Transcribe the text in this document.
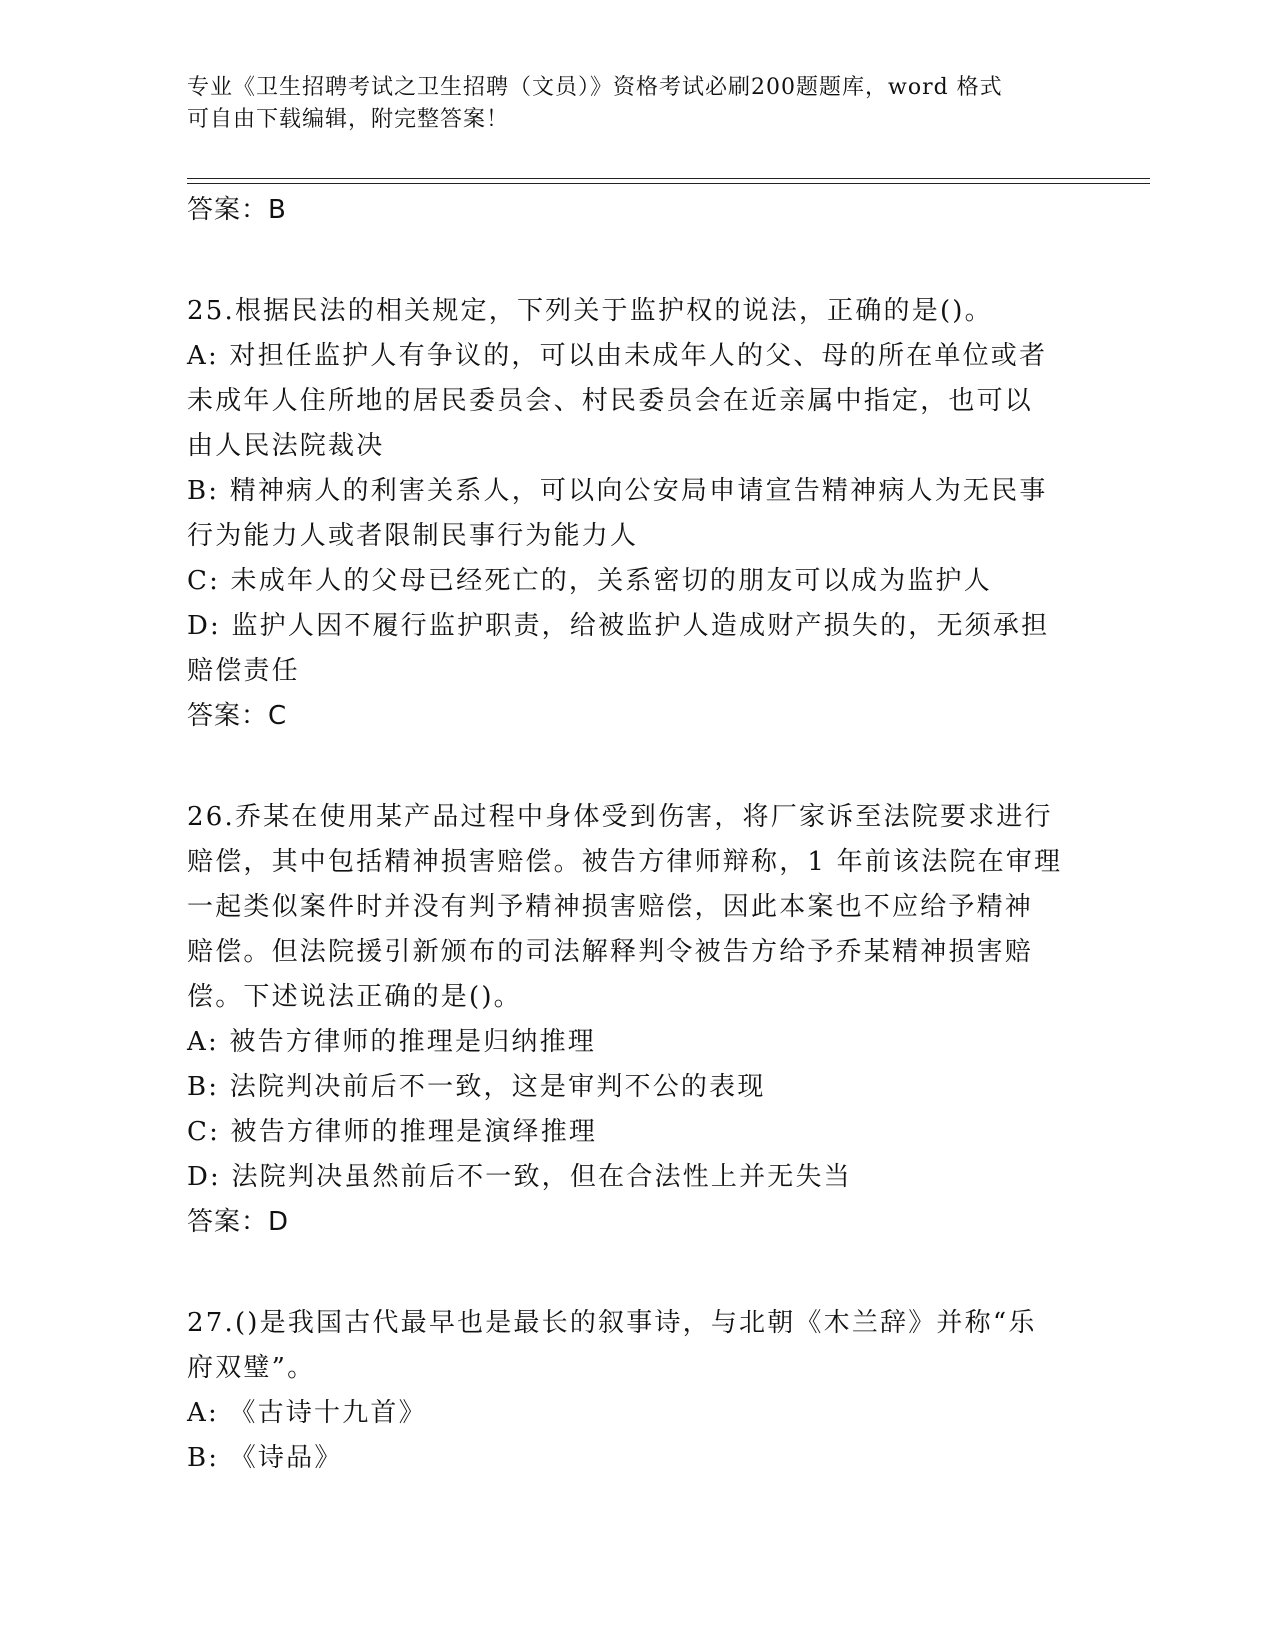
专业《卫生招聘考试之卫生招聘（文员）》资格考试必刷200题题库，word 格式
可自由下载编辑，附完整答案！
答案：B
25.根据民法的相关规定，下列关于监护权的说法，正确的是()。
A: 对担任监护人有争议的，可以由未成年人的父、母的所在单位或者
未成年人住所地的居民委员会、村民委员会在近亲属中指定，也可以
由人民法院裁决
B: 精神病人的利害关系人，可以向公安局申请宣告精神病人为无民事
行为能力人或者限制民事行为能力人
C: 未成年人的父母已经死亡的，关系密切的朋友可以成为监护人
D: 监护人因不履行监护职责，给被监护人造成财产损失的，无须承担
赔偿责任
答案：C
26.乔某在使用某产品过程中身体受到伤害，将厂家诉至法院要求进行
赔偿，其中包括精神损害赔偿。被告方律师辩称，1 年前该法院在审理
一起类似案件时并没有判予精神损害赔偿，因此本案也不应给予精神
赔偿。但法院援引新颁布的司法解释判令被告方给予乔某精神损害赔
偿。下述说法正确的是()。
A: 被告方律师的推理是归纳推理
B: 法院判决前后不一致，这是审判不公的表现
C: 被告方律师的推理是演绎推理
D: 法院判决虽然前后不一致，但在合法性上并无失当
答案：D
27.()是我国古代最早也是最长的叙事诗，与北朝《木兰辞》并称“乐
府双璧”。
A: 《古诗十九首》
B: 《诗品》
